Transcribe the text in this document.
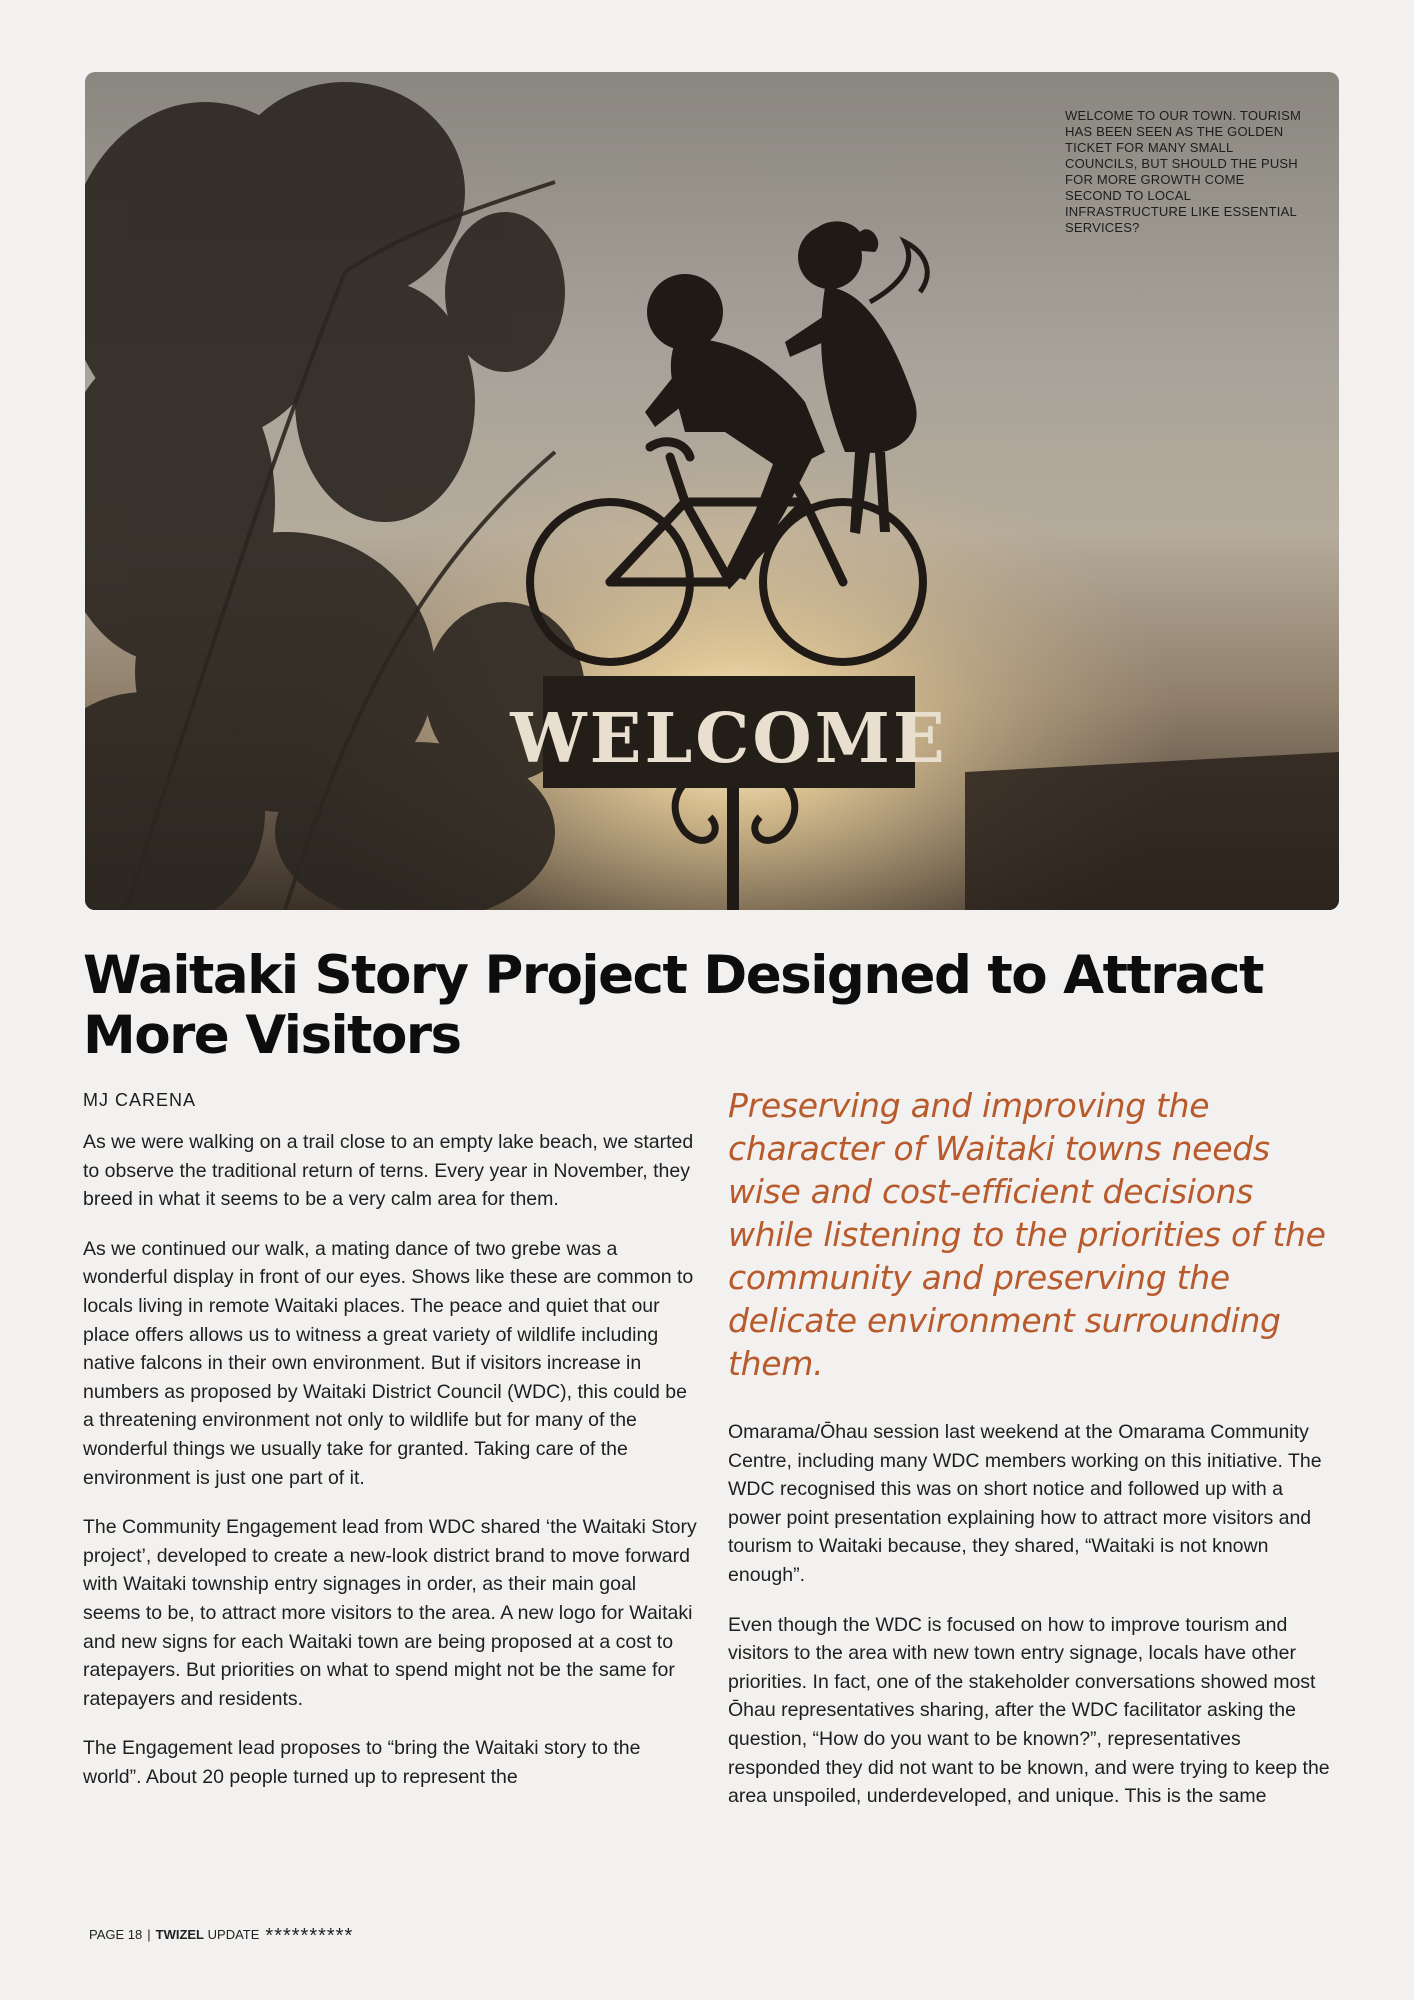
WELCOME
WELCOME TO OUR TOWN. TOURISM HAS BEEN SEEN AS THE GOLDEN TICKET FOR MANY SMALL COUNCILS, BUT SHOULD THE PUSH FOR MORE GROWTH COME SECOND TO LOCAL INFRASTRUCTURE LIKE ESSENTIAL SERVICES?
Waitaki Story Project Designed to Attract More Visitors
MJ CARENA

As we were walking on a trail close to an empty lake beach, we started to observe the traditional return of terns. Every year in November, they breed in what it seems to be a very calm area for them.

As we continued our walk, a mating dance of two grebe was a wonderful display in front of our eyes. Shows like these are common to locals living in remote Waitaki places. The peace and quiet that our place offers allows us to witness a great variety of wildlife including native falcons in their own environment. But if visitors increase in numbers as proposed by Waitaki District Council (WDC), this could be a threatening environment not only to wildlife but for many of the wonderful things we usually take for granted. Taking care of the environment is just one part of it.

The Community Engagement lead from WDC shared ‘the Waitaki Story project’, developed to create a new-look district brand to move forward with Waitaki township entry signages in order, as their main goal seems to be, to attract more visitors to the area. A new logo for Waitaki and new signs for each Waitaki town are being proposed at a cost to ratepayers. But priorities on what to spend might not be the same for ratepayers and residents.

The Engagement lead proposes to “bring the Waitaki story to the world”. About 20 people turned up to represent the

Preserving and improving the character of Waitaki towns needs wise and cost-efficient decisions while listening to the priorities of the community and preserving the delicate environment surrounding them.

Omarama/Ōhau session last weekend at the Omarama Community Centre, including many WDC members working on this initiative. The WDC recognised this was on short notice and followed up with a power point presentation explaining how to attract more visitors and tourism to Waitaki because, they shared, “Waitaki is not known enough”.

Even though the WDC is focused on how to improve tourism and visitors to the area with new town entry signage, locals have other priorities. In fact, one of the stakeholder conversations showed most Ōhau representatives sharing, after the WDC facilitator asking the question, “How do you want to be known?”, representatives responded they did not want to be known, and were trying to keep the area unspoiled, underdeveloped, and unique. This is the same

PAGE 18 | TWIZEL UPDATE **********
